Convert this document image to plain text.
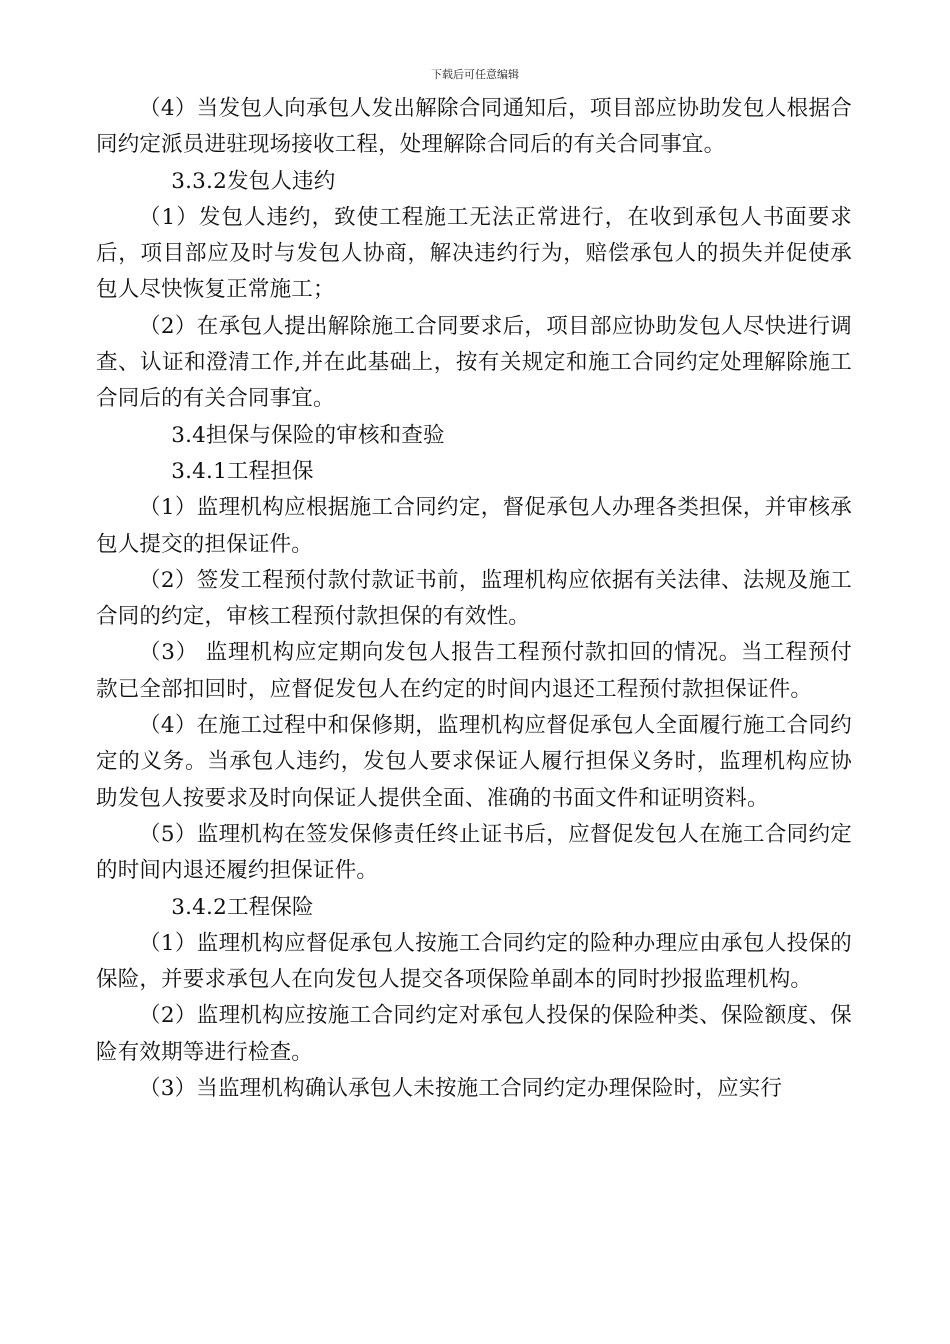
下载后可任意编辑

（4）当发包人向承包人发出解除合同通知后，项目部应协助发包人根据合同约定派员进驻现场接收工程，处理解除合同后的有关合同事宜。

3.3.2发包人违约

（1）发包人违约，致使工程施工无法正常进行，在收到承包人书面要求后，项目部应及时与发包人协商，解决违约行为，赔偿承包人的损失并促使承包人尽快恢复正常施工；

（2）在承包人提出解除施工合同要求后，项目部应协助发包人尽快进行调查、认证和澄清工作,并在此基础上，按有关规定和施工合同约定处理解除施工合同后的有关合同事宜。

3.4担保与保险的审核和查验

3.4.1工程担保

（1）监理机构应根据施工合同约定，督促承包人办理各类担保，并审核承包人提交的担保证件。

（2）签发工程预付款付款证书前，监理机构应依据有关法律、法规及施工合同的约定，审核工程预付款担保的有效性。

（3） 监理机构应定期向发包人报告工程预付款扣回的情况。当工程预付款已全部扣回时，应督促发包人在约定的时间内退还工程预付款担保证件。

（4）在施工过程中和保修期，监理机构应督促承包人全面履行施工合同约定的义务。当承包人违约，发包人要求保证人履行担保义务时，监理机构应协助发包人按要求及时向保证人提供全面、准确的书面文件和证明资料。

（5）监理机构在签发保修责任终止证书后，应督促发包人在施工合同约定的时间内退还履约担保证件。

3.4.2工程保险

（1）监理机构应督促承包人按施工合同约定的险种办理应由承包人投保的保险，并要求承包人在向发包人提交各项保险单副本的同时抄报监理机构。

（2）监理机构应按施工合同约定对承包人投保的保险种类、保险额度、保险有效期等进行检查。

（3）当监理机构确认承包人未按施工合同约定办理保险时，应实行
